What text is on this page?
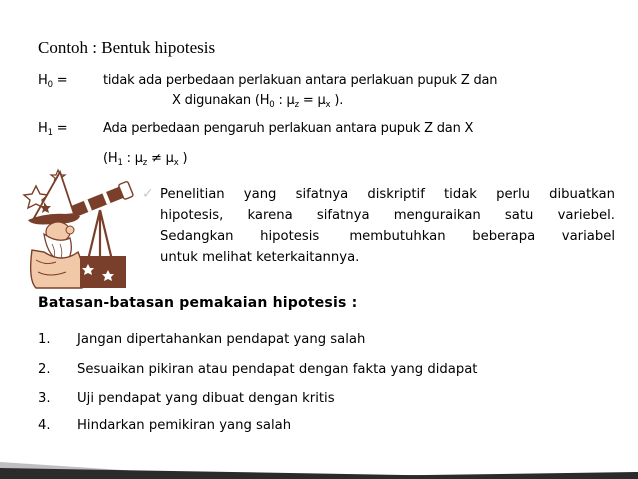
Contoh : Bentuk hipotesis
$H_0$ =	tidak ada perbedaan perlakuan antara perlakuan pupuk Z dan
X digunakan ($H_0$ : $\mu_z = \mu_x$ ).
$H_1$ =	Ada perbedaan pengaruh perlakuan antara pupuk Z dan X
($H_1$ : $\mu_z \ne \mu_x$ )
✓ Penelitian yang sifatnya diskriptif tidak perlu dibuatkan
hipotesis, karena sifatnya menguraikan satu variebel.
Sedangkan hipotesis membutuhkan beberapa variabel
untuk melihat keterkaitannya.
Batasan-batasan pemakaian hipotesis :
1. Jangan dipertahankan pendapat yang salah
2. Sesuaikan pikiran atau pendapat dengan fakta yang didapat
3. Uji pendapat yang dibuat dengan kritis
4. Hindarkan pemikiran yang salah
